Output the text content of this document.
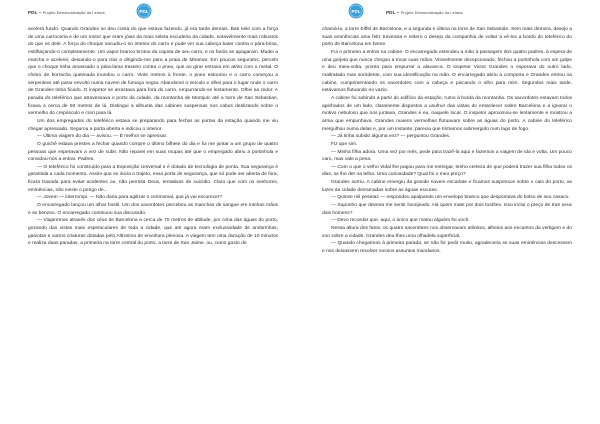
PDL – Projeto Democratização da Leitura	PDL

acelerá fundo. Quando Grandes se deu conta do que estava fazendo, já era tarde demais. Bati nele com a força de uma carroceria e de um motor que eram jóias da mais seleta escuderia da cidade, notavelmente mais robustos do que os dele. A força do choque sacudiu-o no interior do carro e pude ver sua cabeça bater contra o pára-brisa, estilhaçando-o completamente. Um vapor branco brotou da capota de seu carro, e os faróis se apagaram. Mudei a marcha e acelerei, deixando-o para trás e dirigindo-me para a praia de Miramar. Em poucos segundos, percebi que o choque tinha amassado o pára-lama traseiro contra o pneu, que ao girar entrava em atrito com o metal. O cheiro de borracha queimada inundou o carro. Vinte metros à frente, o pneu estourou e o carro começou a serpentear até parar envolto numa nuvem de fumaça negra. Abandonei o veículo e olhei para o lugar onde o carro de Grandes tinha ficado. O inspetor se arrastava para fora do carro, empurrando-se lentamente. Olhei ao redor. A parada do teleférico que atravessava o porto da cidade, da montanha de Montjuïc até a torre de San Sebastian, ficava a cerca de 50 metros de lá. Distingui a silhueta das cabines suspensas nos cabos deslizando sobre o vermelho do crepúsculo e corri para lá.

Um dos empregados do teleférico estava se preparando para fechar as portas da estação quando me viu chegar apressado. Segurou a porta aberta e indicou o interior.

— Última viagem do dia — avisou. — É melhor se apressar.

O guichê estava prestes a fechar quando compre o último bilhete do dia e fui me juntar a um grupo de quatro pessoas que esperavam a vez de subir. Não reparei em suas roupas até que o empregado abriu a portinhola e convidou-nos a entrar. Padres.

— O teleférico foi construído para a Exposição Universal e é dotado de tecnologia de ponta. Sua segurança é garantida a cada momento. Assim que se inicia o trajeto, essa porta de segurança, que só pode ser aberta de fora, ficará travada para evitar acidentes ou, não permita Deus, tentativas de suicídio. Claro que com os senhores, eminências, não existe o perigo de...

— Jovem — interrompi. — Não daria para agilizar o cerimonial, que já vai escurecer?

O encarregado lançou um olhar hostil. Um dos sacerdotes percebeu as manchas de sangue em minhas mãos e se benzeu. O encarregado continuou sua discussão.

— Viajaremos através dos céus de Barcelona a cerca de 70 metros de altitude, por cima das águas do porto, gozando das vistas mais espetaculares de toda a cidade, que até agora eram exclusividade de andorinhas, gaivotas e outros criaturas dotadas pelo Altíssimo de envoltura plenosa. A viagem tem uma duração de 10 minutos e realiza duas paradas, a primeira na torre central do porto, a torre de San Jaime, ou, como gosto de

PDL	PDL – Projeto Democratização da Leitura

chamá-la, a torre Eiffel de Barcelona, e a segunda e última na torre de San Sebastián. Sem mais demora, desejo a suas eminências uma feliz travessia e reitero o desejo da companhia de voltar a vê-los a bordo do teleférico do porto de Barcelona em breve.

Fui o primeiro a entrar na cabine. O encarregado estendeu a mão à passagem dos quatro padres, à espera de uma gorjeta que nunca chegou a tocar suas mãos. Visivelmente decepcionado, fechou a portinhola com um golpe e deu meia-volta, pronto para empurrar a alavanca. O inspetor Victor Grandes o esperava do outro lado, maltratado mas sorridente, com sua identificação na mão. O encarregado abriu a comporta e Grandes entrou na cabine, cumprimentando os sacerdotes com a cabeça e piscando o olho para mim. Segundos mais tarde, estávamos flutuando no vazio.

A cabine foi subindo a partir do edifício da estação, rumo à borda da montanha. Os sacerdotes estavam todos apinhados de um lado, claramente dispostos a usufruir das vistas do entardecer sobre Barcelona e a ignorar o motivo nebuloso que nos juntava, Grandes e eu, naquele local. O inspetor aproximou-se lentamente e mostrou a arma que empunhava. Grandes nuvens vermelhas flutuavam sobre as águas do porto. A cabine do teleférico mergulhou numa delas e, por um instante, parecia que tínhamos submergido num lago de fogo.

— Já tinha subido alguma vez? — perguntou Grandes.

Fiz que sim.

— Minha filha adora. Uma vez por mês, pede para trazê-la aqui e fazemos a viagem de ida e volta. Um pouco caro, mas vale a pena.

— Com o que o velho Vidal lhe pagou para me entregar, tenho certeza de que poderá trazer sua filha todos os dias, se lhe der na telha. Uma curiosidade? Qual foi o meu preço?

Grandes sorriu. A cabine emergiu da grande nuvem escarlate e ficamos suspensos sobre o cais do porto, as luzes da cidade derramadas sobre as águas escuras.

— Quinze mil pesetas — respondeu apalpando um envelope branco que despontava do bolso de seu casaco.

— Suponho que deveria me sentir lisonjeado. Há quem mate por dois tostões. Isso inclui o preço de trair seus dois homens?

— Devo recordar que, aqui, o único que matou alguém foi você.

Nessa altura dos fatos, os quatro sacerdotes nos observavam atônitos, alheios aos encantos da vertigem e do voo sobre a cidade. Grandes deu-lhes uma olhadela superficial.

— Quando chegarmos à primeira parada, se não for pedir muito, agradeceria se suas eminências descessem e nos deixassem resolver nossos assuntos mundanos.
